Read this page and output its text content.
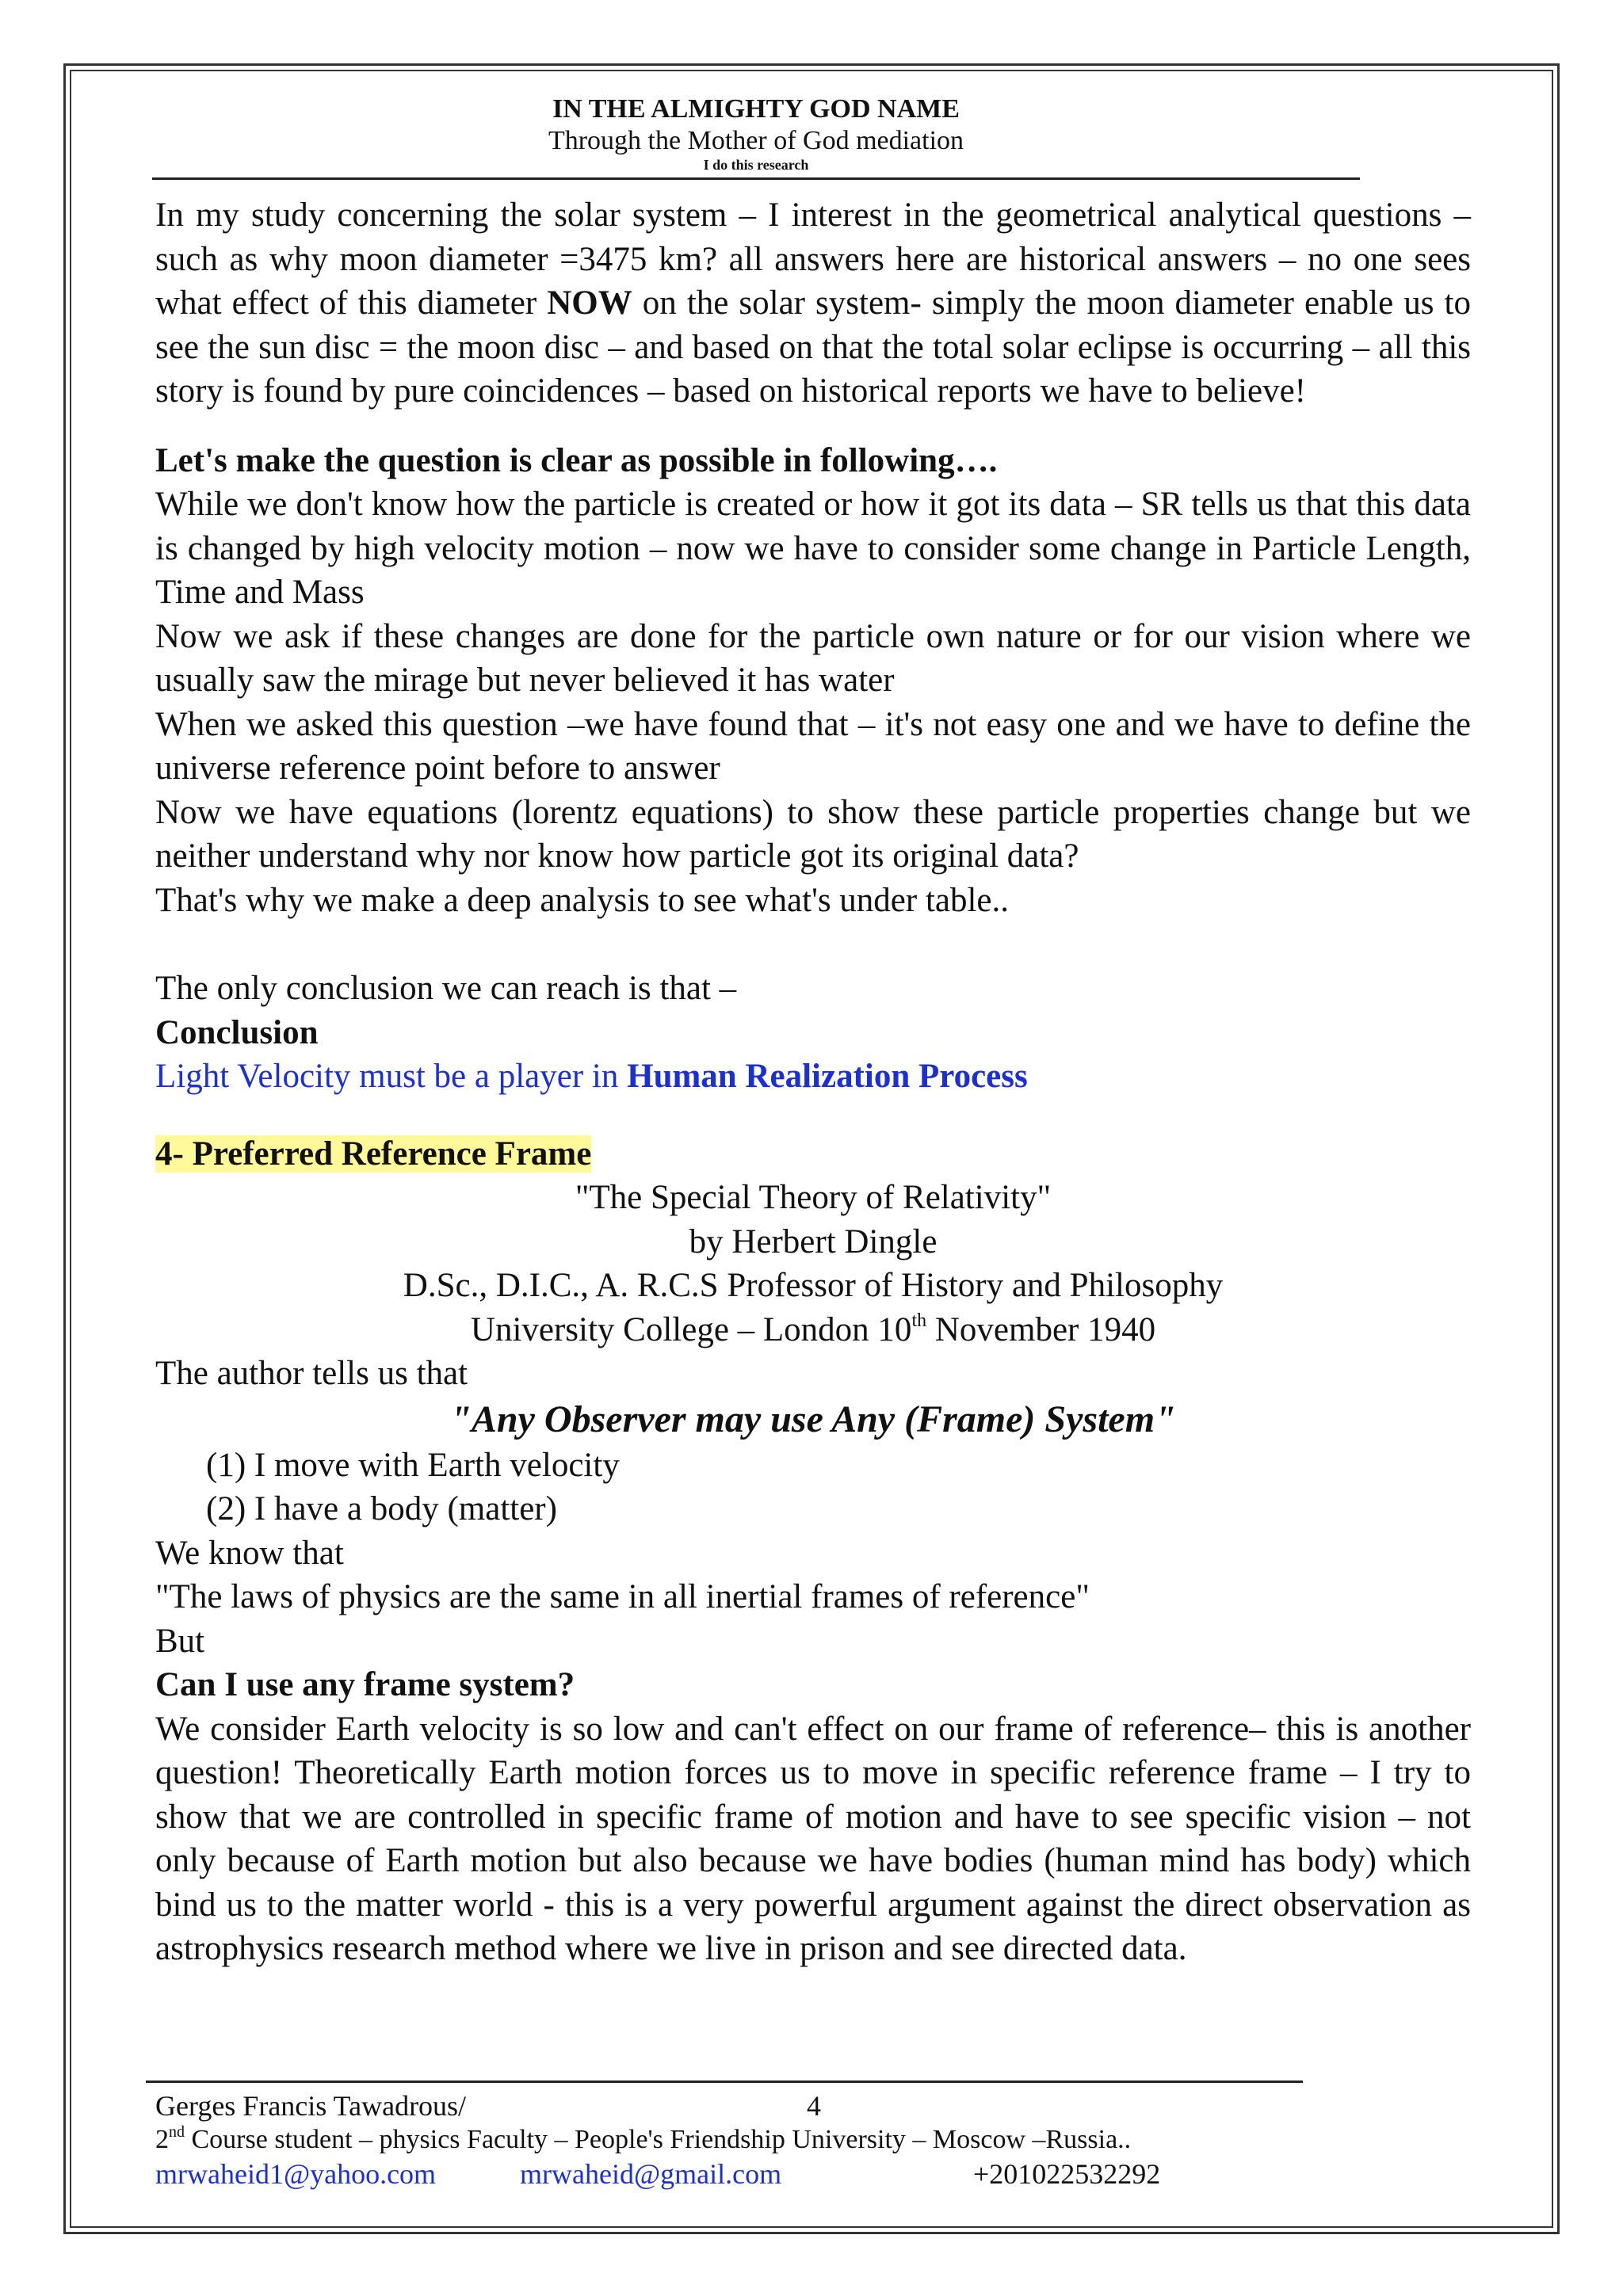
IN THE ALMIGHTY GOD NAME
Through the Mother of God mediation
I do this research

In my study concerning the solar system – I interest in the geometrical analytical questions – such as why moon diameter =3475 km? all answers here are historical answers – no one sees what effect of this diameter NOW on the solar system- simply the moon diameter enable us to see the sun disc = the moon disc – and based on that the total solar eclipse is occurring – all this story is found by pure coincidences – based on historical reports we have to believe!

Let's make the question is clear as possible in following….

While we don't know how the particle is created or how it got its data – SR tells us that this data is changed by high velocity motion – now we have to consider some change in Particle Length, Time and Mass

Now we ask if these changes are done for the particle own nature or for our vision where we usually saw the mirage but never believed it has water

When we asked this question –we have found that – it's not easy one and we have to define the universe reference point before to answer

Now we have equations (lorentz equations) to show these particle properties change but we neither understand why nor know how particle got its original data?

That's why we make a deep analysis to see what's under table..

The only conclusion we can reach is that –

Conclusion

Light Velocity must be a player in Human Realization Process

4- Preferred Reference Frame

"The Special Theory of Relativity"

by Herbert Dingle

D.Sc., D.I.C., A. R.C.S Professor of History and Philosophy

University College – London 10th November 1940

The author tells us that

"Any Observer may use Any (Frame) System"

(1) I move with Earth velocity

(2) I have a body (matter)

We know that

"The laws of physics are the same in all inertial frames of reference"

But

Can I use any frame system?

We consider Earth velocity is so low and can't effect on our frame of reference– this is another question! Theoretically Earth motion forces us to move in specific reference frame – I try to show that we are controlled in specific frame of motion and have to see specific vision – not only because of Earth motion but also because we have bodies (human mind has body) which bind us to the matter world - this is a very powerful argument against the direct observation as astrophysics research method where we live in prison and see directed data.

Gerges Francis Tawadrous/	4
2nd Course student – physics Faculty – People's Friendship University – Moscow –Russia..
mrwaheid1@yahoo.com	mrwaheid@gmail.com	+201022532292
